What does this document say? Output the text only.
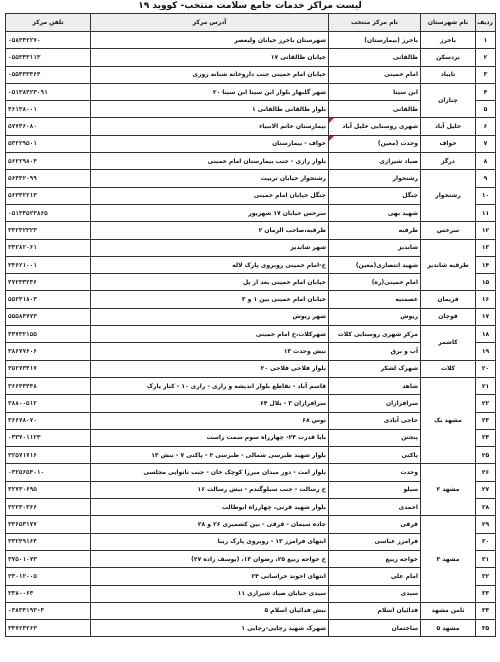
لیست مراکز خدمات جامع سلامت منتخب- کووید ۱۹
ردیف	نام شهرستان	نام مرکز منتخب	آدرس مرکز	تلفن مرکز
۱	باخرز	باخرز (بیمارستان)	شهرستان باخرز خیابان ولیعصر	۰۵۸۳۴۲۲۷۰
۲	بردسکن	طالقانی	خیابان طالقانی ۱۷	۰۵۵۳۴۳۱۱۳
۳	تایباد	امام خمینی	خیابان امام خمینی جنب داروخانه شبانه روزی	۰۵۵۴۴۳۴۶۴
۴	چناران	ابن سینا	شهر گلبهار بلوار ابن سینا ابن سینا ۲۰	۰۵۱۳۸۴۲۳۰۹۱
۵		طالقانی	بلوار طالقانی طالقانی ۱	۴۶۱۳۸۰۰۱
۶	خلیل آباد	شهری روستایی خلیل آباد	بیمارستان خاتم الانبیاء	۵۷۷۴۶۰۸۰
۷	خواف	وحدت (معین)	خواف - بیمارستان	۵۴۲۲۹۵۰۱
۸	درگز	صیاد شیرازی	بلوار رازی - جنب بیمارستان امام خمینی	۵۶۲۲۹۸۰۴
۹	رشتخوار	رشتخوار	رشتخوار خیابان تربیت	۵۶۴۴۲۰۹۹
۱۰		جنگل	جنگل خیابان امام خمینی	۵۶۳۴۲۲۱۳
۱۱		شهید بهی	سرخس خیابان ۱۷ شهریور	۰۵۱۳۴۵۲۳۸۶۵
۱۲	سرخس	طرقبه	طرقبه،صاحب الزمان ۲	۳۴۲۴۲۳۲۳
۱۳	طرقبه شاندیز	شاندیز	شهر شاندیز	۳۴۲۸۲۰۶۱
۱۴		شهید انتصاری(معین)	خ-امام خمینی روبروی پارک لاله	۳۴۶۲۱۰۰۱
۱۵		امام خمینی(ره)	خیابان امام خمینی بعد از پل	۴۷۲۳۳۲۴۶
۱۶	فریمان	عصمتیه	خیابان امام خمینی بین ۱ و ۳	۵۵۲۴۱۸۰۳
۱۷	قوچان	ریوش	شهر ریوش	۵۵۵۸۴۷۷۳
۱۸	کاشمر	مرکز شهری روستایی کلات	شهرکلات،خ امام خمینی	۴۴۷۳۲۱۵۵
۱۹		آب و برق	نبش وحدت ۱۳	۳۸۶۷۷۶۰۶
۲۰	کلات	شهرک لشکر	بلوار فلاحی فلاحی ۲۰	۳۵۲۷۳۴۱۷
۲۱	مشهد یک	شاهد	قاسم آباد - تقاطع بلوار اندیشه و رازی - رازی ۱۰ - کنار پارک	۳۶۶۴۴۴۴۸
۲۲		سرافرازان	سرافرازان ۳ - بلال ۶۴	۳۸۸۰۰۵۱۲
۲۳		حاجی آبادی	توس ۶۸	۳۶۶۷۸۰۷۰
۲۴		پنجتن	بابا قدرت ۲۴- چهارراه سوم سمت راست	۰۳۳۷۰۱۱۲۳
۲۵		پاکتی	بلوار شهید طبرسی شمالی - طبرسی ۲ - پاکتی ۷ - نبش ۱۳	۳۲۵۷۱۷۱۶
۲۶	مشهد ۲	وحدت	بلوار امت - دور میدان میرزا کوچک خان - جنب نانوایی مجلسی	۰۳۲۵۶۵۳۰۱۰
۲۷		سیلو	خ رسالت - جنب سیلوگندم - نبش رسالت ۱۶	۳۲۷۳۰۶۹۵
۲۸		احمدی	بلوار شهید قرنی، چهارراه ابوطالب	۳۲۲۳۰۳۶۶
۲۹	مشهد ۳	قرقی	جاده سیمان - قرقی - بین کشمیری ۲۶ و ۲۸	۳۳۶۵۳۱۷۷
۳۰		فرامرز عباسی	انتهای فرامرز ۱۳ - روبروی پارک زیبا	۳۳۲۴۹۱۶۴
۳۱		خواجه ربیع	خ خواجه ربیع ۲۵، رضوان ۱۳، (یوسف زاده ۲۷)	۳۷۵۰۱۰۷۳
۳۲		امام علی	انتهای اخوند خراسانی ۲۴	۳۴۰۱۲۰۰۵
۳۳		سیدی	سیدی خیابان صیاد شیرازی ۱۱	۳۳۸۰۰۶۳
۳۴	ثامن مشهد	فدائیان اسلام	نبش فدائیان اسلام ۵	۰۳۸۳۴۱۹۳-۴
۳۵	مشهد ۵	ساختمان	شهرک شهید رجایی-رجایی ۱	۳۴۷۲۴۲۶۳
